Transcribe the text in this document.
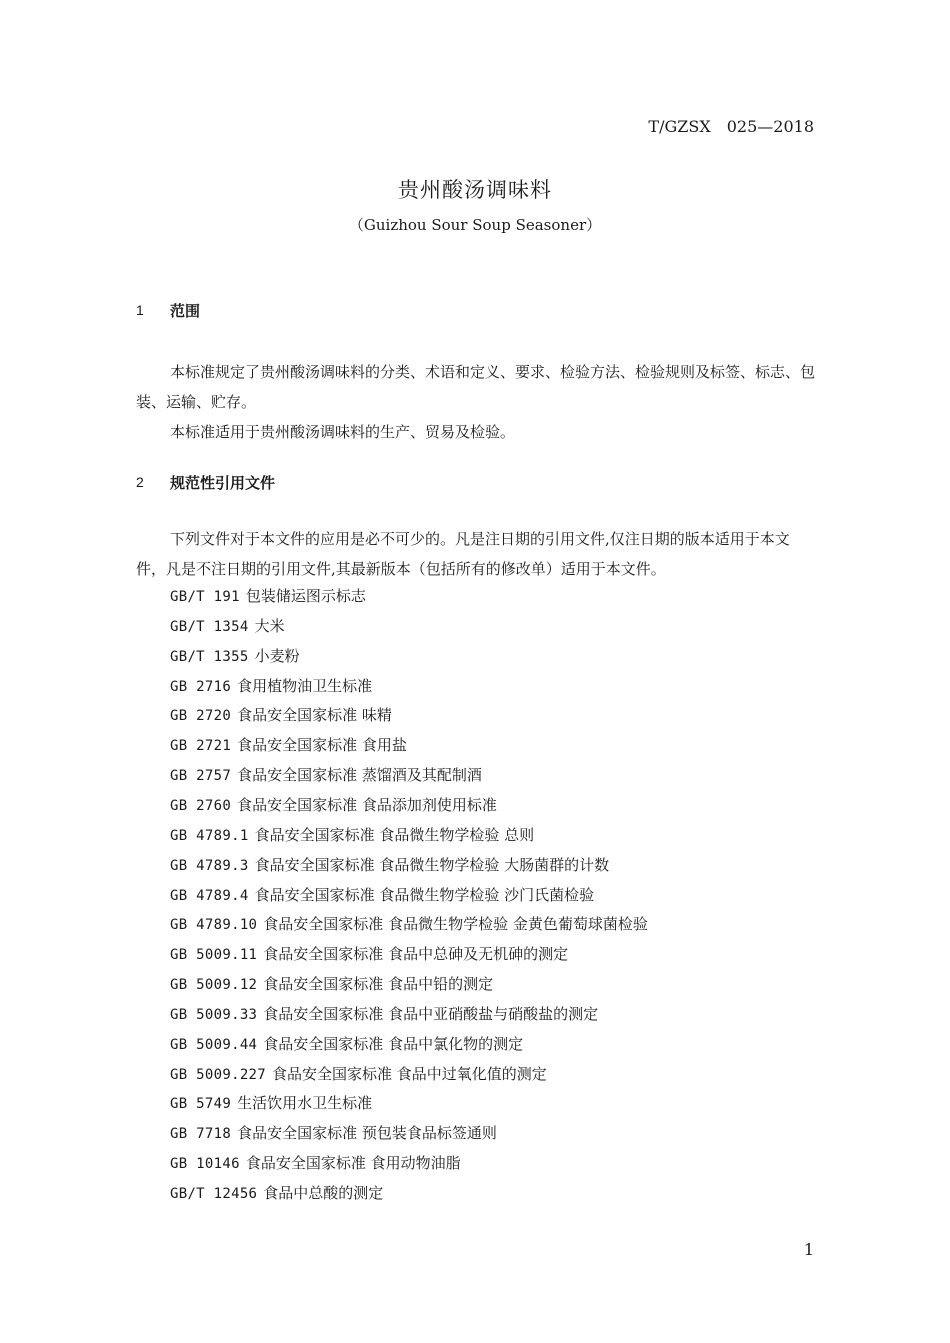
T/GZSX　025—2018
贵州酸汤调味料
（Guizhou Sour Soup Seasoner）
1 范围
本标准规定了贵州酸汤调味料的分类、术语和定义、要求、检验方法、检验规则及标签、标志、包装、运输、贮存。
本标准适用于贵州酸汤调味料的生产、贸易及检验。
2 规范性引用文件
下列文件对于本文件的应用是必不可少的。凡是注日期的引用文件,仅注日期的版本适用于本文件，凡是不注日期的引用文件,其最新版本（包括所有的修改单）适用于本文件。
GB/T 191 包装储运图示标志
GB/T 1354 大米
GB/T 1355 小麦粉
GB 2716 食用植物油卫生标准
GB 2720 食品安全国家标准 味精
GB 2721 食品安全国家标准 食用盐
GB 2757 食品安全国家标准 蒸馏酒及其配制酒
GB 2760 食品安全国家标准 食品添加剂使用标准
GB 4789.1 食品安全国家标准 食品微生物学检验 总则
GB 4789.3 食品安全国家标准 食品微生物学检验 大肠菌群的计数
GB 4789.4 食品安全国家标准 食品微生物学检验 沙门氏菌检验
GB 4789.10 食品安全国家标准 食品微生物学检验 金黄色葡萄球菌检验
GB 5009.11 食品安全国家标准 食品中总砷及无机砷的测定
GB 5009.12 食品安全国家标准 食品中铅的测定
GB 5009.33 食品安全国家标准 食品中亚硝酸盐与硝酸盐的测定
GB 5009.44 食品安全国家标准 食品中氯化物的测定
GB 5009.227 食品安全国家标准 食品中过氧化值的测定
GB 5749 生活饮用水卫生标准
GB 7718 食品安全国家标准 预包装食品标签通则
GB 10146 食品安全国家标准 食用动物油脂
GB/T 12456 食品中总酸的测定
1
